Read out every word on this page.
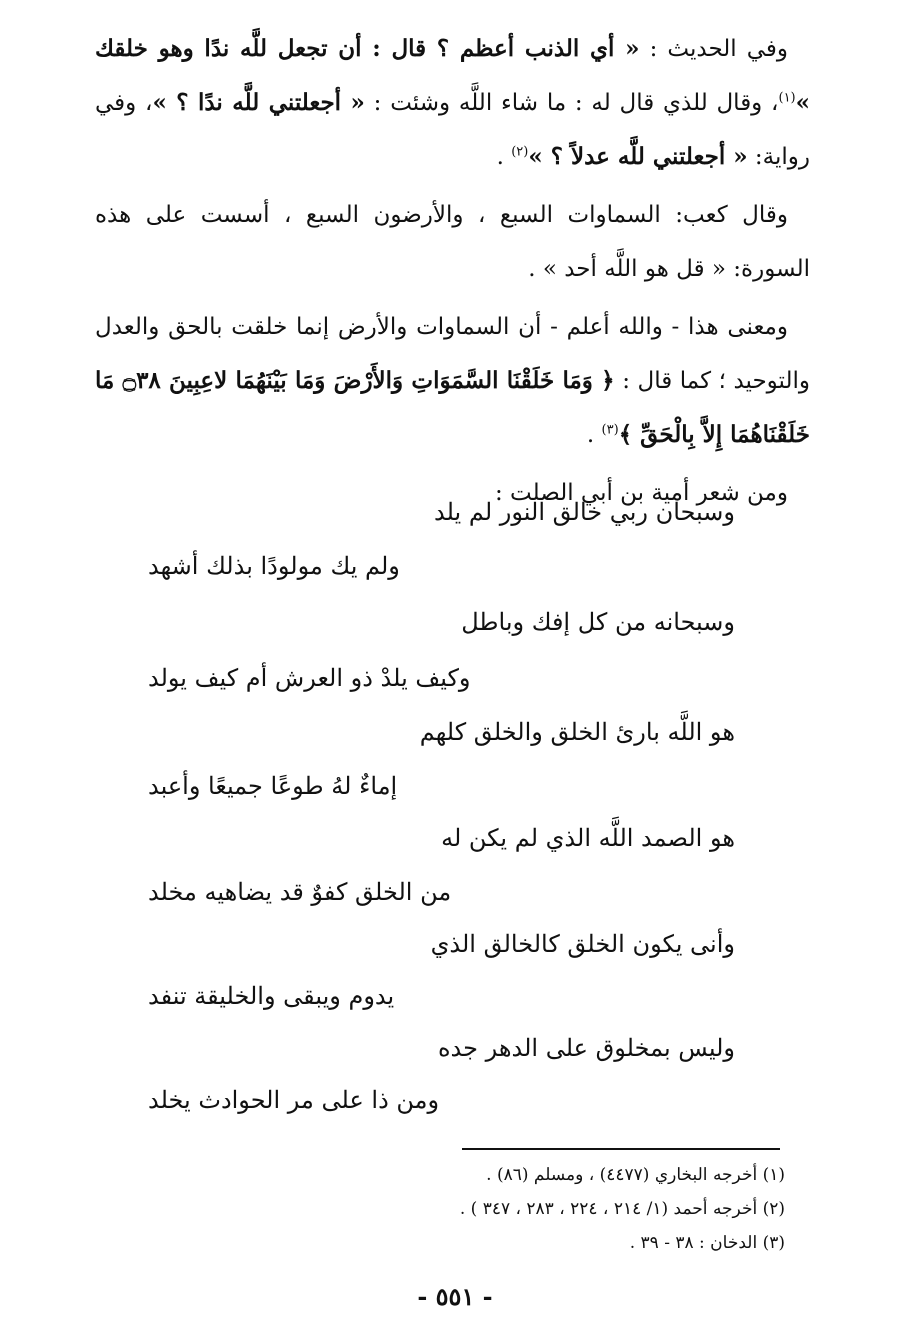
وفي الحديث : « أي الذنب أعظم ؟ قال : أن تجعل للَّه ندًا وهو خلقك »$^{(١)}$، وقال للذي قال له : ما شاء اللَّه وشئت : « أجعلتني للَّه ندًا ؟ »، وفي رواية: « أجعلتني للَّه عدلاً ؟ »$^{(٢)}$ .

وقال كعب: السماوات السبع ، والأرضون السبع ، أسست على هذه السورة: « قل هو اللَّه أحد » .

ومعنى هذا - والله أعلم - أن السماوات والأرض إنما خلقت بالحق والعدل والتوحيد ؛ كما قال : ﴿ وَمَا خَلَقْنَا السَّمَوَاتِ وَالأَرْضَ وَمَا بَيْنَهُمَا لاعِبِينَ ۝٣٨ مَا خَلَقْنَاهُمَا إِلاَّ بِالْحَقِّ ﴾$^{(٣)}$ .

ومن شعر أمية بن أبي الصلت :

وسبحان ربي خالق النور لم يلد
ولم يك مولودًا بذلك أشهد
وسبحانه من كل إفك وباطل
وكيف يلدْ ذو العرش أم كيف يولد
هو اللَّه بارئ الخلق والخلق كلهم
إماءٌ لهُ طوعًا جميعًا وأعبد
هو الصمد اللَّه الذي لم يكن له
من الخلق كفوٌ قد يضاهيه مخلد
وأنى يكون الخلق كالخالق الذي
يدوم ويبقى والخليقة تنفد
وليس بمخلوق على الدهر جده
ومن ذا على مر الحوادث يخلد
(١) أخرجه البخاري (٤٤٧٧) ، ومسلم (٨٦) .
(٢) أخرجه أحمد (١/ ٢١٤ ، ٢٢٤ ، ٢٨٣ ، ٣٤٧ ) .
(٣) الدخان : ٣٨ - ٣٩ .
- ٥٥١ -
